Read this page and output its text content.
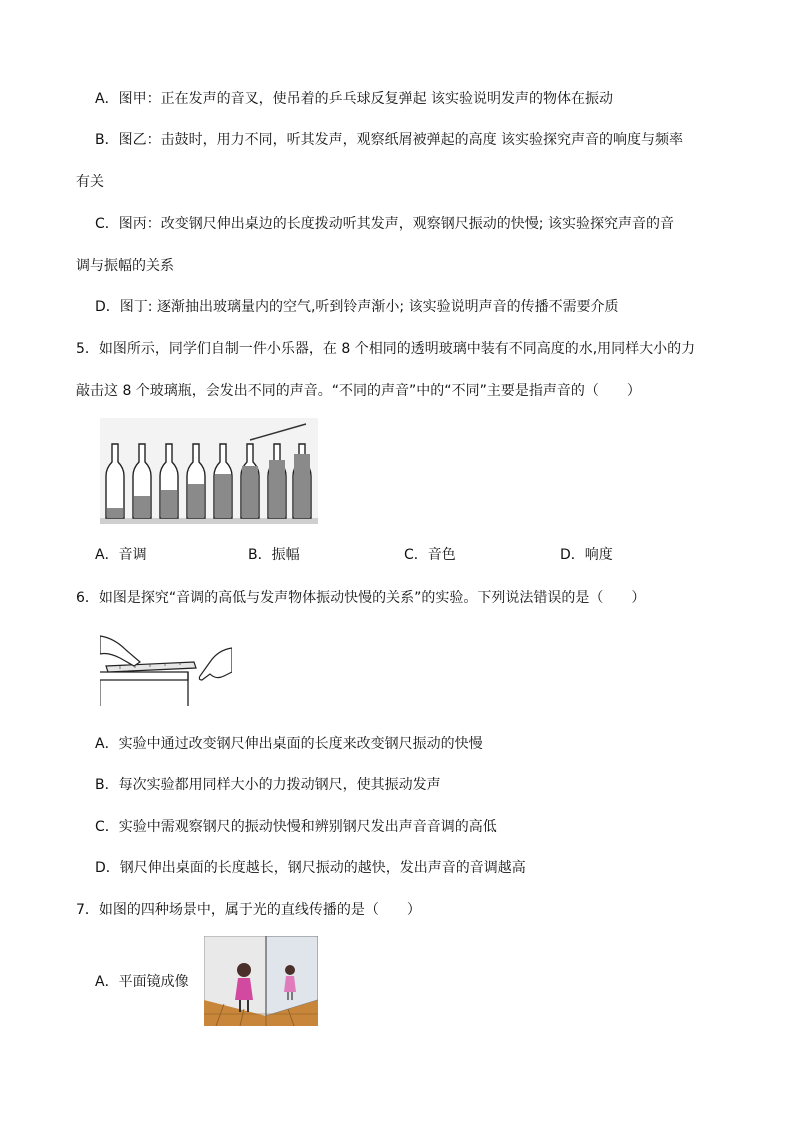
A．图甲：正在发声的音叉，使吊着的乒乓球反复弹起 该实验说明发声的物体在振动
B．图乙：击鼓时，用力不同，听其发声，观察纸屑被弹起的高度 该实验探究声音的响度与频率
有关
C．图丙：改变钢尺伸出桌边的长度拨动听其发声，观察钢尺振动的快慢; 该实验探究声音的音
调与振幅的关系
D．图丁: 逐渐抽出玻璃量内的空气,听到铃声渐小; 该实验说明声音的传播不需要介质
5．如图所示，同学们自制一件小乐器，在 8 个相同的透明玻璃中装有不同高度的水,用同样大小的力
敲击这 8 个玻璃瓶，会发出不同的声音。“不同的声音”中的“不同”主要是指声音的（　　）
A．音调	B．振幅	C．音色	D．响度
6．如图是探究“音调的高低与发声物体振动快慢的关系”的实验。下列说法错误的是（　　）
A．实验中通过改变钢尺伸出桌面的长度来改变钢尺振动的快慢
B．每次实验都用同样大小的力拨动钢尺，使其振动发声
C．实验中需观察钢尺的振动快慢和辨别钢尺发出声音音调的高低
D．钢尺伸出桌面的长度越长，钢尺振动的越快，发出声音的音调越高
7．如图的四种场景中，属于光的直线传播的是（　　）
A．平面镜成像
